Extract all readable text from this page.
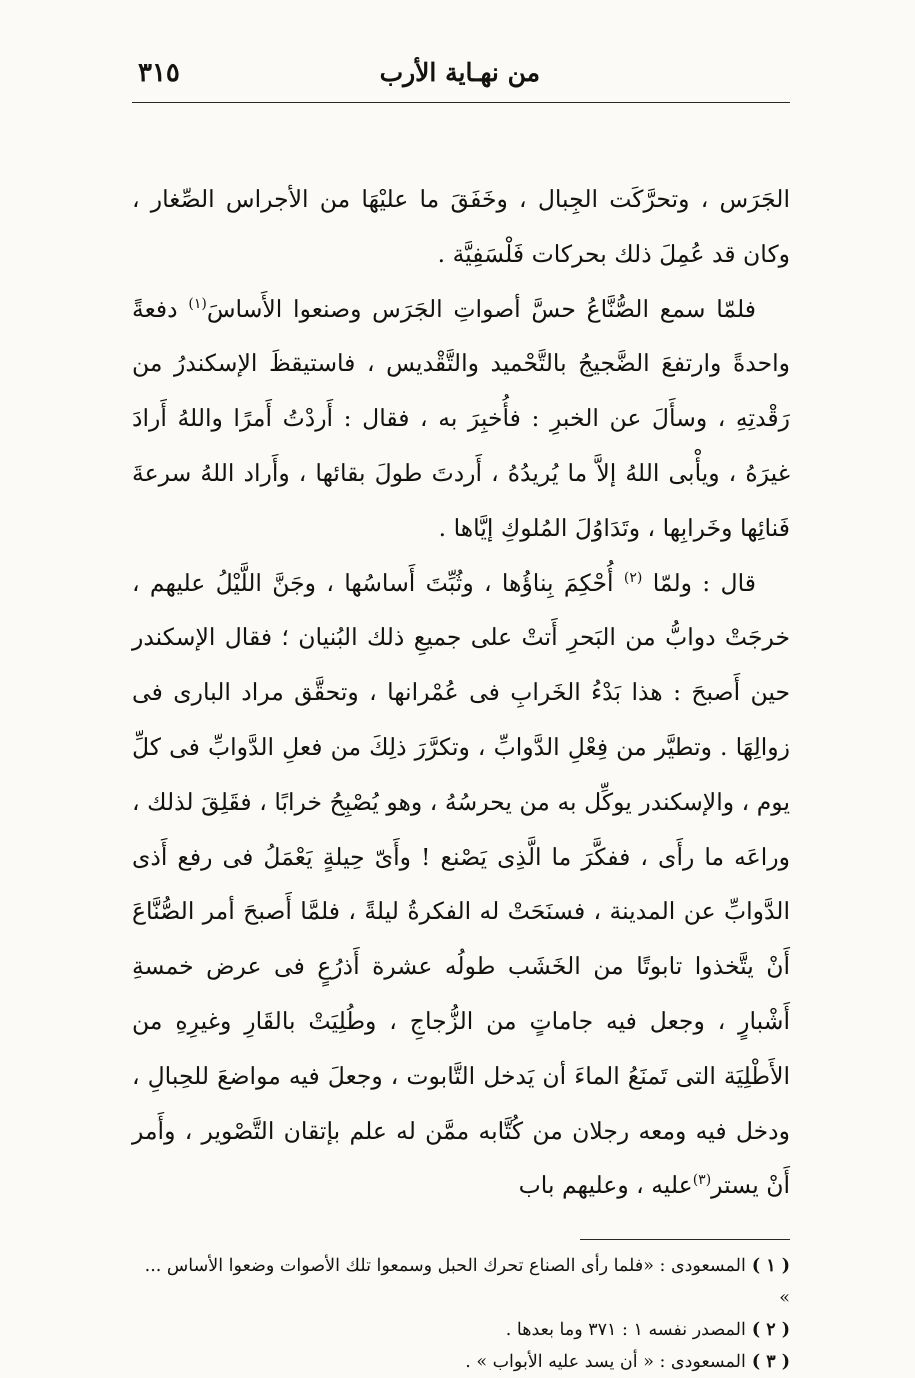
من نهـاية الأرب
٣١٥

الجَرَس ، وتحرَّكَت الجِبال ، وخَفَقَ ما عليْهَا من الأجراس الصِّغار ، وكان قد عُمِلَ ذلك بحركات فَلْسَفِيَّة .

فلمّا سمع الصُّنَّاعُ حسَّ أصواتِ الجَرَس وصنعوا الأَساسَ$^{(١)}$ دفعةً واحدةً وارتفعَ الضَّجيجُ بالتَّحْميد والتَّقْديس ، فاستيقظَ الإسكندرُ من رَقْدتِهِ ، وسأَلَ عن الخبرِ : فأُخبِرَ به ، فقال : أَردْتُ أَمرًا واللهُ أَرادَ غيرَهُ ، ويأْبى اللهُ إلاَّ ما يُريدُهُ ، أَردتَ طولَ بقائها ، وأَراد اللهُ سرعةَ فَنائِها وخَرابِها ، وتَدَاوُلَ المُلوكِ إيَّاها .

قال : ولمّا $^{(٢)}$ أُحْكِمَ بِناؤُها ، وثُبِّتَ أَساسُها ، وجَنَّ اللَّيْلُ عليهم ، خرجَتْ دوابُّ من البَحرِ أَتتْ على جميعِ ذلك البُنيان ؛ فقال الإسكندر حين أَصبحَ : هذا بَدْءُ الخَرابِ فى عُمْرانها ، وتحقَّق مراد البارى فى زوالِهَا . وتطيَّر من فِعْلِ الدَّوابِّ ، وتكرَّرَ ذلِكَ من فعلِ الدَّوابِّ فى كلِّ يوم ، والإسكندر يوكِّل به من يحرسُهُ ، وهو يُصْبِحُ خرابًا ، فقَلِقَ لذلك ، وراعَه ما رأَى ، ففكَّرَ ما الَّذِى يَصْنع ! وأَىّ حِيلةٍ يَعْمَلُ فى رفع أَذى الدَّوابِّ عن المدينة ، فسنَحَتْ له الفكرةُ ليلةً ، فلمَّا أَصبحَ أمر الصُّنَّاعَ أَنْ يتَّخذوا تابوتًا من الخَشَب طولُه عشرة أَذرُعٍ فى عرض خمسةِ أَشْبارٍ ، وجعل فيه جاماتٍ من الزُّجاجِ ، وطُلِيَتْ بالقَارِ وغيرِهِ من الأَطْلِيَة التى تَمنَعُ الماءَ أن يَدخل التَّابوت ، وجعلَ فيه مواضعَ للحِبالِ ، ودخل فيه ومعه رجلان من كُتَّابه ممَّن له علم بإتقان التَّصْوير ، وأَمر أَنْ يستر$^{(٣)}$عليه ، وعليهم باب

( ١ )المسعودى : «فلما رأى الصناع تحرك الحبل وسمعوا تلك الأصوات وضعوا الأساس ... »

( ٢ )المصدر نفسه ١ : ٣٧١ وما بعدها .

( ٣ )المسعودى : « أن يسد عليه الأبواب » .
